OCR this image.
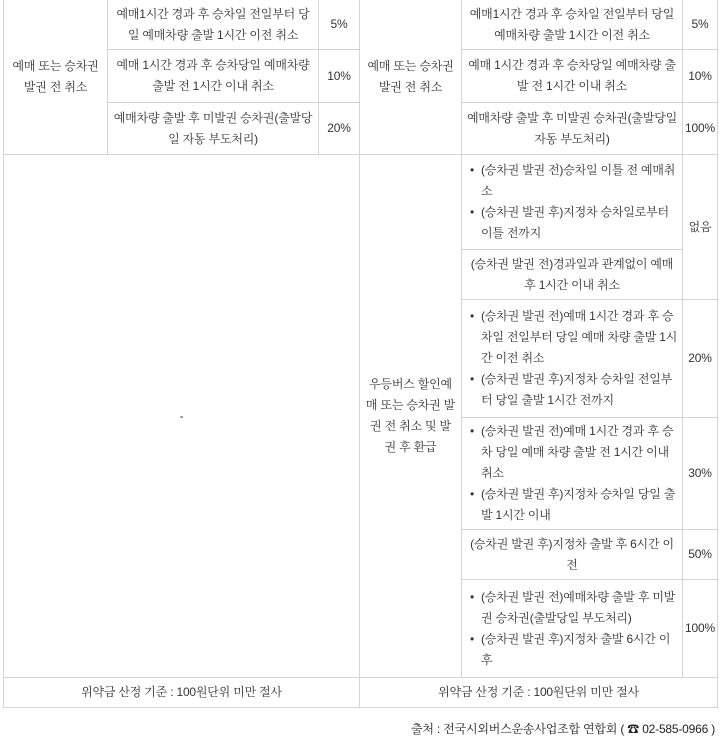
예매 또는 승차권 발권 전 취소
예매1시간 경과 후 승차일 전일부터 당일 예매차량 출발 1시간 이전 취소
5%
예매 1시간 경과 후 승차당일 예매차량 출발 전 1시간 이내 취소
10%
예매차량 출발 후 미발권 승차권(출발당일 자동 부도처리)
20%
예매 또는 승차권 발권 전 취소
예매1시간 경과 후 승차일 전일부터 당일 예매차량 출발 1시간 이전 취소
5%
예매 1시간 경과 후 승차당일 예매차량 출발 전 1시간 이내 취소
10%
예매차량 출발 후 미발권 승차권(출발당일 자동 부도처리)
100%
-
우등버스 할인예매 또는 승차권 발권 전 취소 및 발권 후 환급
•
(승차권 발권 전)승차일 이틀 전 예매취소
•
(승차권 발권 후)지정차 승차일로부터 이틀 전까지
(승차권 발권 전)경과일과 관계없이 예매 후 1시간 이내 취소
없음
•
(승차권 발권 전)예매 1시간 경과 후 승차일 전일부터 당일 예매 차량 출발 1시간 이전 취소
•
(승차권 발권 후)지정차 승차일 전일부터 당일 출발 1시간 전까지
20%
•
(승차권 발권 전)예매 1시간 경과 후 승차 당일 예매 차량 출발 전 1시간 이내 취소
•
(승차권 발권 후)지정차 승차일 당일 출발 1시간 이내
30%
(승차권 발권 후)지정차 출발 후 6시간 이전
50%
•
(승차권 발권 전)예매차량 출발 후 미발권 승차권(출발당일 부도처리)
•
(승차권 발권 후)지정차 출발 6시간 이후
100%
위약금 산정 기준 : 100원단위 미만 절사	위약금 산정 기준 : 100원단위 미만 절사
출처 : 전국시외버스운송사업조합 연합회 ( ☎ 02-585-0966 )
